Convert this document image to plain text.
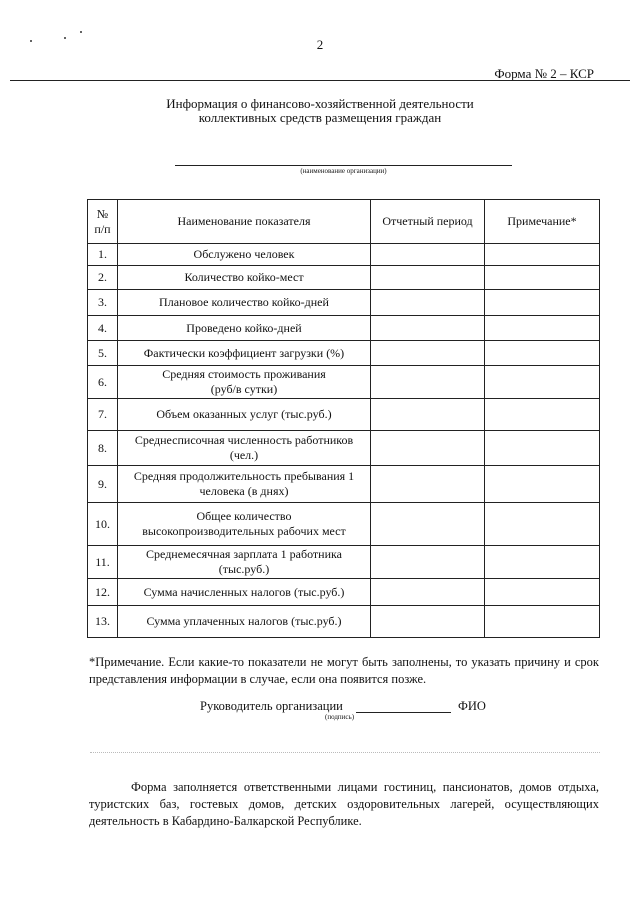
2
Форма № 2 – КСР
Информация о финансово-хозяйственной деятельности
коллективных средств размещения граждан
(наименование организации)
№
п/п	Наименование показателя	Отчетный период	Примечание*
1.	Обслужено человек		

2.	Количество койко-мест		

3.	Плановое количество койко-дней		

4.	Проведено койко-дней		

5.	Фактически коэффициент загрузки (%)		

6.	Средняя стоимость проживания
(руб/в сутки)		

7.	Объем оказанных услуг (тыс.руб.)		

8.	Среднесписочная численность работников
(чел.)		

9.	Средняя продолжительность пребывания 1
человека (в днях)		

10.	Общее количество
высокопроизводительных рабочих мест		

11.	Среднемесячная зарплата 1 работника
(тыс.руб.)		

12.	Сумма начисленных налогов (тыс.руб.)		

13.	Сумма уплаченных налогов (тыс.руб.)		

*Примечание. Если какие-то показатели не могут быть заполнены, то указать причину и срок представления информации в случае, если она появится позже.
Руководитель организации	ФИО
(подпись)
Форма заполняется ответственными лицами гостиниц, пансионатов, домов отдыха, туристских баз, гостевых домов, детских оздоровительных лагерей, осуществляющих деятельность в Кабардино-Балкарской Республике.
